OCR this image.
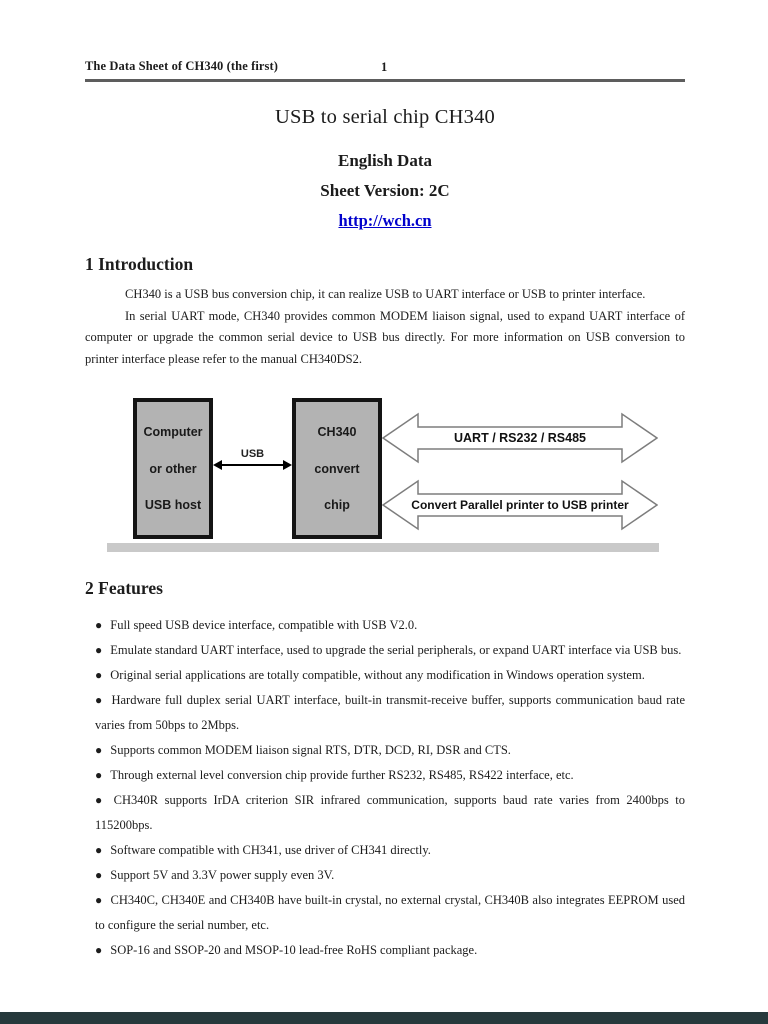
The Data Sheet of CH340 (the first)	1
USB to serial chip CH340
English Data
Sheet Version: 2C
http://wch.cn
1 Introduction

CH340 is a USB bus conversion chip, it can realize USB to UART interface or USB to printer interface.

In serial UART mode, CH340 provides common MODEM liaison signal, used to expand UART interface of computer or upgrade the common serial device to USB bus directly. For more information on USB conversion to printer interface please refer to the manual CH340DS2.

Computer
or other
USB host
CH340
convert
chip
USB
UART / RS232 / RS485
Convert Parallel printer to USB printer
2 Features
● Full speed USB device interface, compatible with USB V2.0.
● Emulate standard UART interface, used to upgrade the serial peripherals, or expand UART interface via USB bus.
● Original serial applications are totally compatible, without any modification in Windows operation system.
● Hardware full duplex serial UART interface, built-in transmit-receive buffer, supports communication baud rate varies from 50bps to 2Mbps.
● Supports common MODEM liaison signal RTS, DTR, DCD, RI, DSR and CTS.
● Through external level conversion chip provide further RS232, RS485, RS422 interface, etc.
● CH340R supports IrDA criterion SIR infrared communication, supports baud rate varies from 2400bps to 115200bps.
● Software compatible with CH341, use driver of CH341 directly.
● Support 5V and 3.3V power supply even 3V.
● CH340C, CH340E and CH340B have built-in crystal, no external crystal, CH340B also integrates EEPROM used to configure the serial number, etc.
● SOP-16 and SSOP-20 and MSOP-10 lead-free RoHS compliant package.
